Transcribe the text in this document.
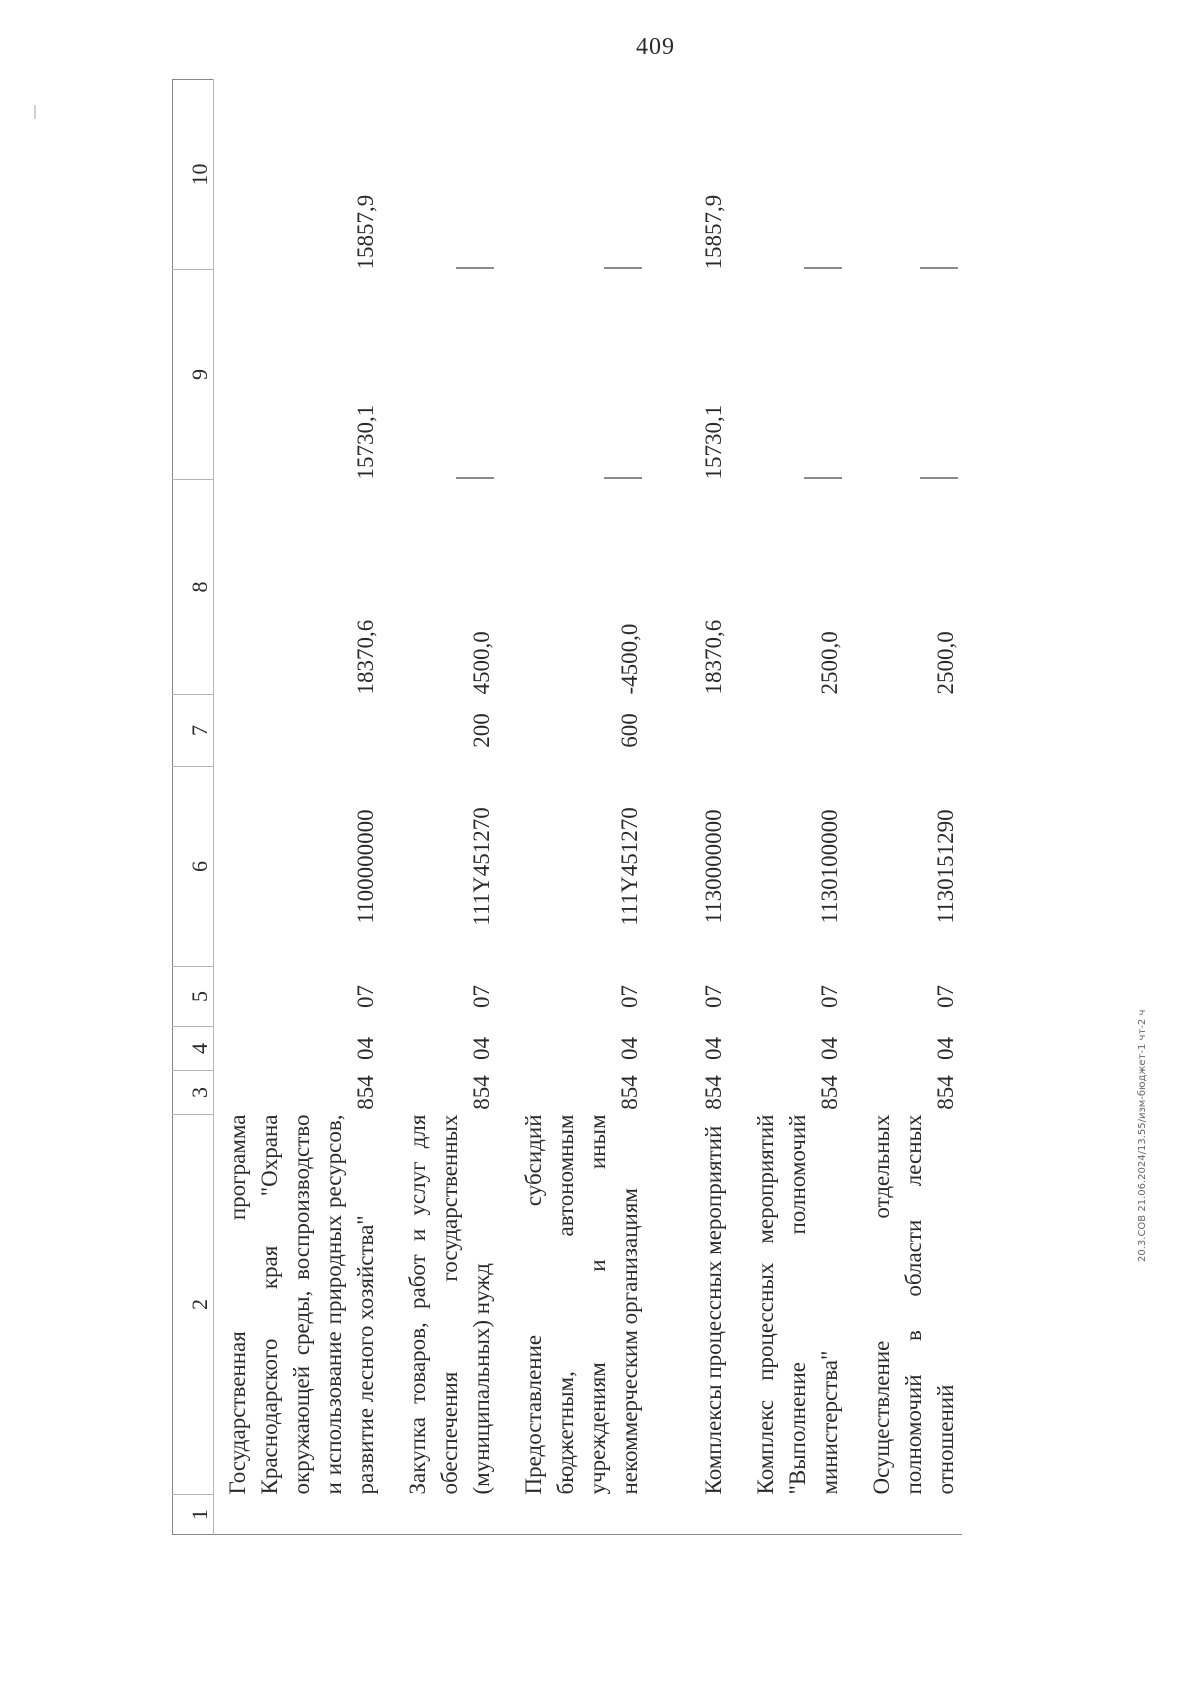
409
1	2	3	4	5	6	7	8	9	10
	Государственная программа Краснодарского края "Охрана окружающей среды, воспроизводство и использование природных ресурсов, развитие лесного хозяйства"	854	04	07	1100000000		18370,6	15730,1	15857,9

	Закупка товаров, работ и услуг для обеспечения государственных (муниципальных) нужд	854	04	07	111Y451270	200	4500,0		

	Предоставление субсидий бюджетным, автономным учреждениям и иным некоммерческим организациям	854	04	07	111Y451270	600	-4500,0		

	Комплексы процессных мероприятий	854	04	07	1130000000		18370,6	15730,1	15857,9

	Комплекс процессных мероприятий "Выполнение полномочий министерства"	854	04	07	1130100000		2500,0		

	Осуществление отдельных полномочий в области лесных отношений	854	04	07	1130151290		2500,0		
20.3.СОВ 21.06.2024/13.55/изм-бюджет-1 чт-2 ч
